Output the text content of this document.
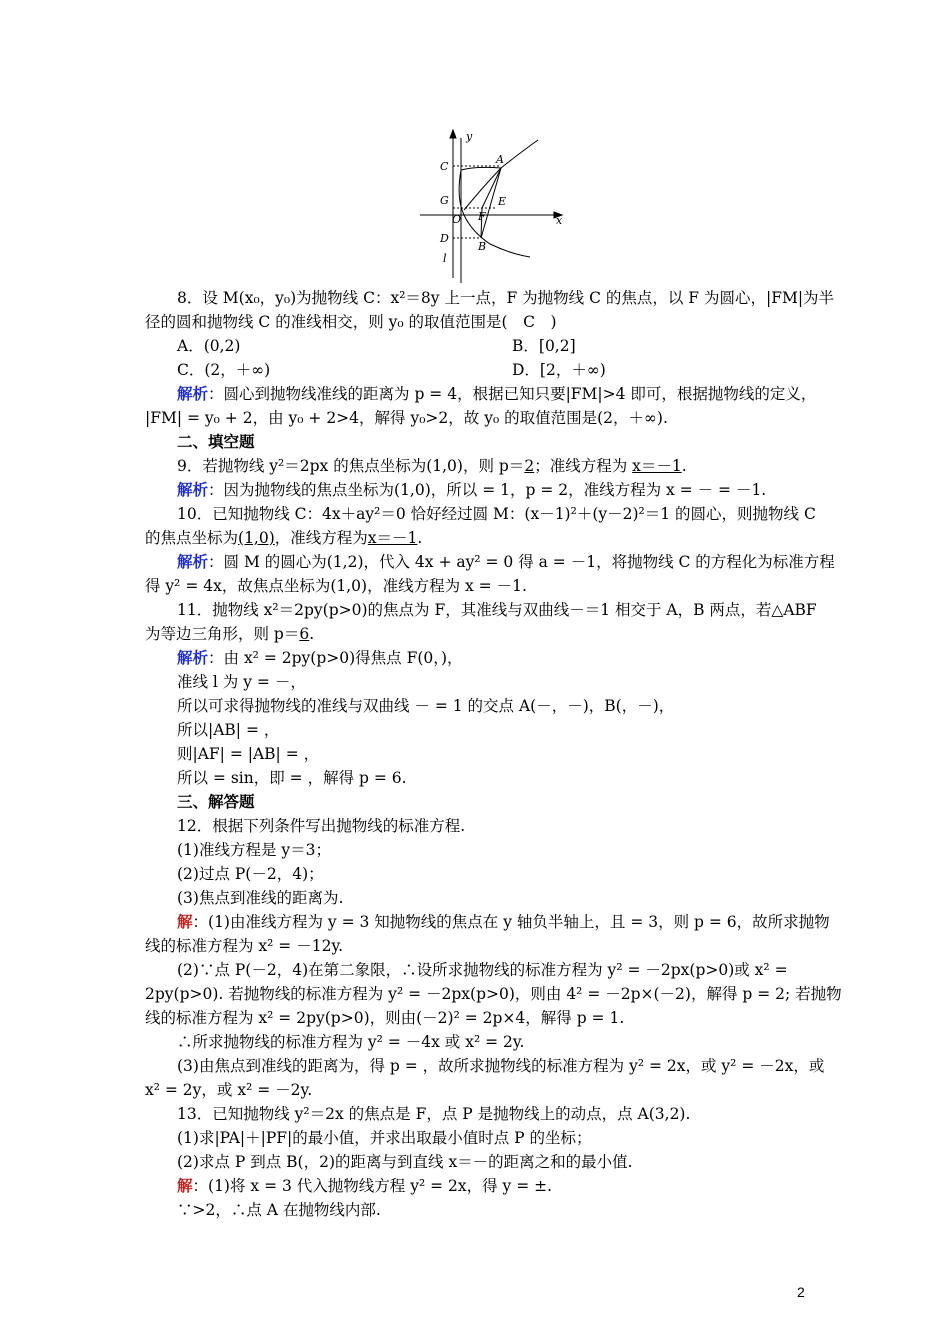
y
x
C
A
G	E
O F
D
B
l
8．设 M(x₀，y₀)为抛物线 C：x²＝8y 上一点，F 为抛物线 C 的焦点，以 F 为圆心，|FM|为半
径的圆和抛物线 C 的准线相交，则 y₀ 的取值范围是(　C　)
A．(0,2)	B．[0,2]
C．(2，＋∞)	D．[2，＋∞)
解析：圆心到抛物线准线的距离为 p = 4，根据已知只要|FM|>4 即可，根据抛物线的定义，
|FM| = y₀ + 2，由 y₀ + 2>4，解得 y₀>2，故 y₀ 的取值范围是(2，＋∞).
二、填空题
9．若抛物线 y²＝2px 的焦点坐标为(1,0)，则 p＝2；准线方程为 x＝－1.
解析：因为抛物线的焦点坐标为(1,0)，所以 = 1，p = 2，准线方程为 x = － = －1.
10．已知抛物线 C：4x＋ay²＝0 恰好经过圆 M：(x－1)²＋(y－2)²＝1 的圆心，则抛物线 C
的焦点坐标为(1,0)，准线方程为x＝－1.
解析：圆 M 的圆心为(1,2)，代入 4x + ay² = 0 得 a = －1，将抛物线 C 的方程化为标准方程
得 y² = 4x，故焦点坐标为(1,0)，准线方程为 x = －1.
11．抛物线 x²＝2py(p>0)的焦点为 F，其准线与双曲线－＝1 相交于 A，B 两点，若△ABF
为等边三角形，则 p＝6.
解析：由 x² = 2py(p>0)得焦点 F(0，)，
准线 l 为 y = －，
所以可求得抛物线的准线与双曲线 － = 1 的交点 A(－，－)，B(，－)，
所以|AB| = ，
则|AF| = |AB| = ，
所以 = sin，即 = ，解得 p = 6.
三、解答题
12．根据下列条件写出抛物线的标准方程.
(1)准线方程是 y＝3；
(2)过点 P(－2，4)；
(3)焦点到准线的距离为.
解：(1)由准线方程为 y = 3 知抛物线的焦点在 y 轴负半轴上，且 = 3，则 p = 6，故所求抛物
线的标准方程为 x² = －12y.
(2)∵点 P(－2，4)在第二象限，∴设所求抛物线的标准方程为 y² = －2px(p>0)或 x² =
2py(p>0). 若抛物线的标准方程为 y² = －2px(p>0)，则由 4² = －2p×(－2)，解得 p = 2; 若抛物
线的标准方程为 x² = 2py(p>0)，则由(－2)² = 2p×4，解得 p = 1.
∴所求抛物线的标准方程为 y² = －4x 或 x² = 2y.
(3)由焦点到准线的距离为，得 p = ，故所求抛物线的标准方程为 y² = 2x，或 y² = －2x，或
x² = 2y，或 x² = －2y.
13．已知抛物线 y²＝2x 的焦点是 F，点 P 是抛物线上的动点，点 A(3,2).
(1)求|PA|＋|PF|的最小值，并求出取最小值时点 P 的坐标；
(2)求点 P 到点 B(，2)的距离与到直线 x＝－的距离之和的最小值.
解：(1)将 x = 3 代入抛物线方程 y² = 2x，得 y = ±.
∵>2，∴点 A 在抛物线内部.
2
